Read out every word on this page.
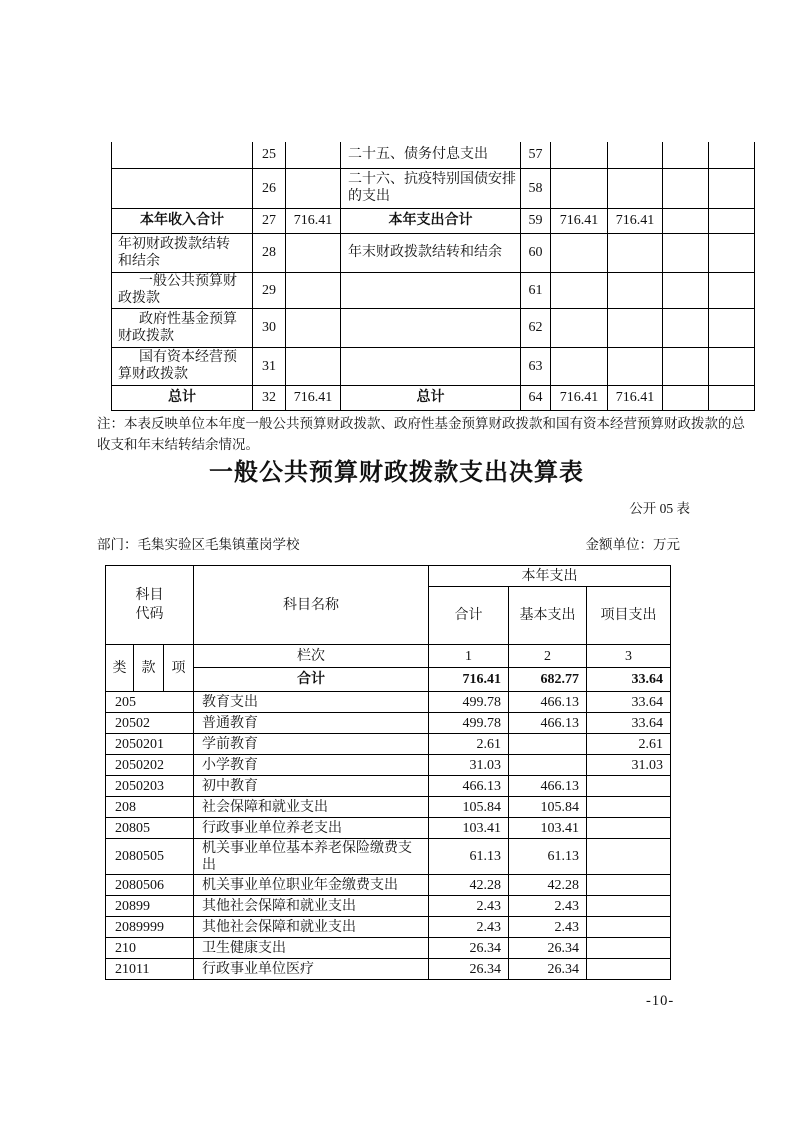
	25		二十五、债务付息支出	57				
	26		二十六、抗疫特别国债安排的支出	58				
本年收入合计	27	716.41	本年支出合计	59	716.41	716.41		
年初财政拨款结转和结余	28		年末财政拨款结转和结余	60				
一般公共预算财政拨款	29			61				
政府性基金预算财政拨款	30			62				
国有资本经营预算财政拨款	31			63				
总计	32	716.41	总计	64	716.41	716.41		
注：本表反映单位本年度一般公共预算财政拨款、政府性基金预算财政拨款和国有资本经营预算财政拨款的总收支和年末结转结余情况。
一般公共预算财政拨款支出决算表
公开 05 表
部门：毛集实验区毛集镇董岗学校	金额单位：万元
科目代码			科目名称	本年支出		
				合计	基本支出	项目支出
类	款	项	栏次	1	2	3
			合计	716.41	682.77	33.64
205			教育支出	499.78	466.13	33.64
20502			普通教育	499.78	466.13	33.64
2050201			学前教育	2.61		2.61
2050202			小学教育	31.03		31.03
2050203			初中教育	466.13	466.13	
208			社会保障和就业支出	105.84	105.84	
20805			行政事业单位养老支出	103.41	103.41	
2080505			机关事业单位基本养老保险缴费支出	61.13	61.13	
2080506			机关事业单位职业年金缴费支出	42.28	42.28	
20899			其他社会保障和就业支出	2.43	2.43	
2089999			其他社会保障和就业支出	2.43	2.43	
210			卫生健康支出	26.34	26.34	
21011			行政事业单位医疗	26.34	26.34	
-10-
